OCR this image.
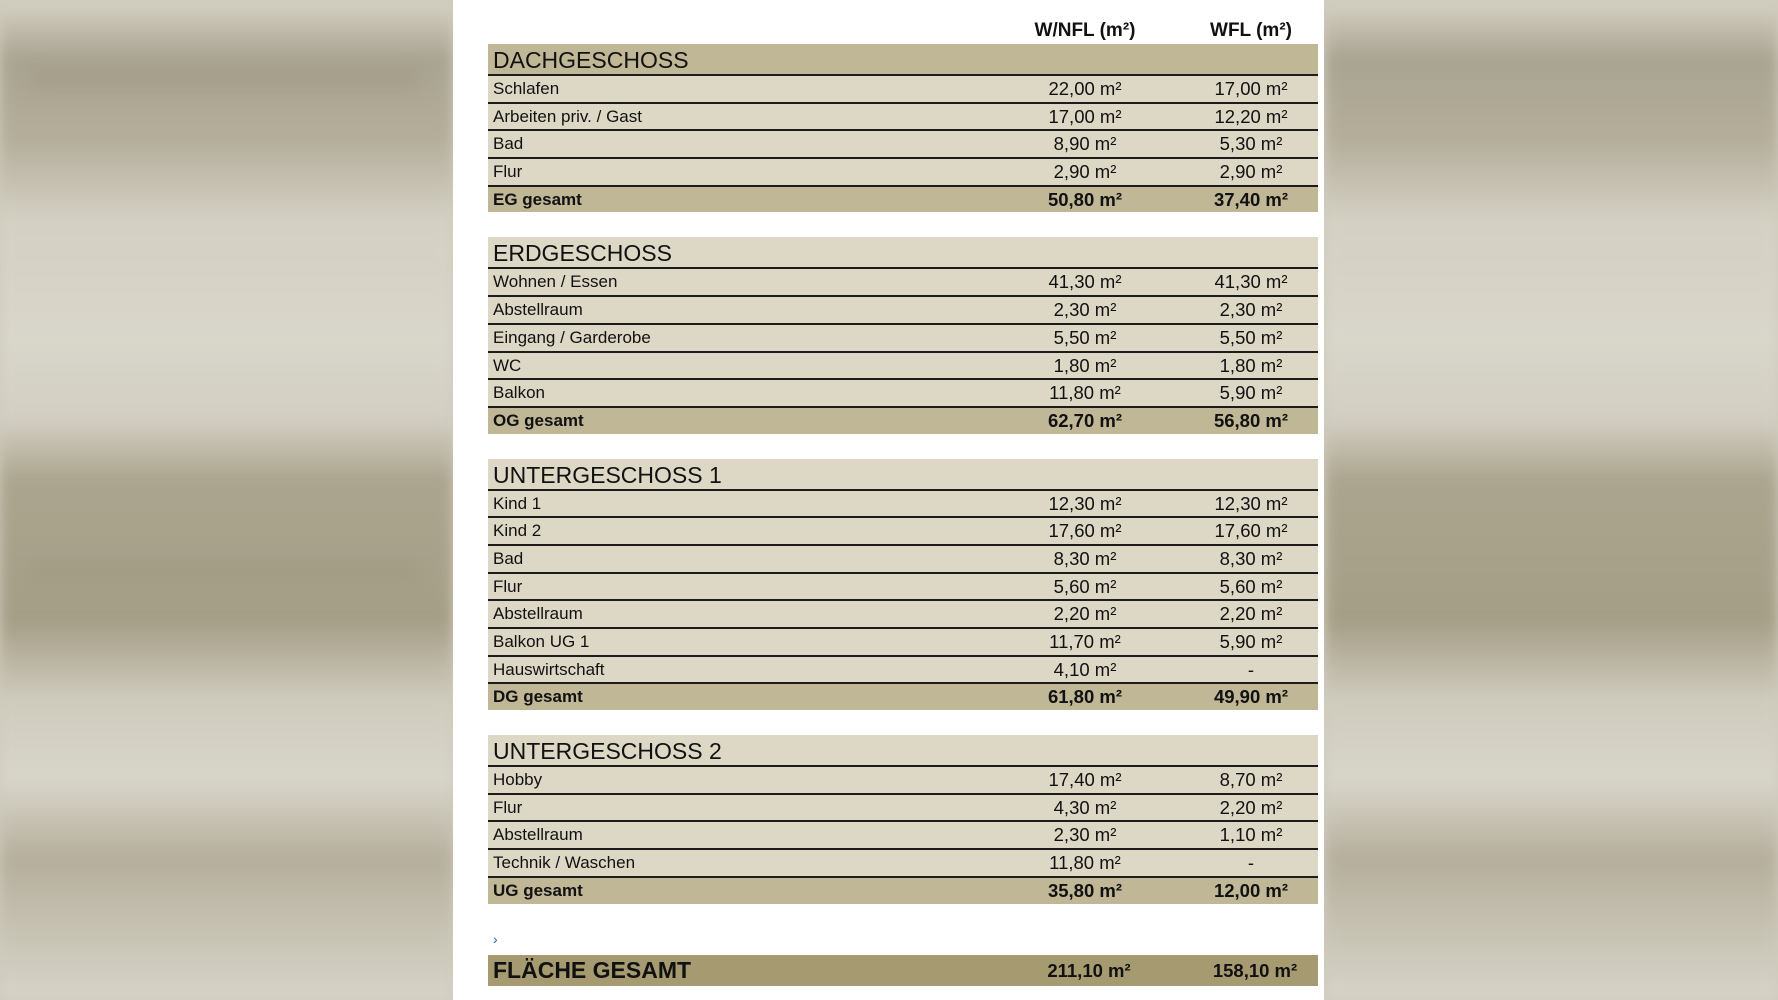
W/NFL (m²)	WFL (m²)
DACHGESCHOSS
Schlafen	22,00 m²	17,00 m²
Arbeiten priv. / Gast	17,00 m²	12,20 m²
Bad	8,90 m²	5,30 m²
Flur	2,90 m²	2,90 m²
EG gesamt	50,80 m²	37,40 m²
ERDGESCHOSS
Wohnen / Essen	41,30 m²	41,30 m²
Abstellraum	2,30 m²	2,30 m²
Eingang / Garderobe	5,50 m²	5,50 m²
WC	1,80 m²	1,80 m²
Balkon	11,80 m²	5,90 m²
OG gesamt	62,70 m²	56,80 m²
UNTERGESCHOSS 1
Kind 1	12,30 m²	12,30 m²
Kind 2	17,60 m²	17,60 m²
Bad	8,30 m²	8,30 m²
Flur	5,60 m²	5,60 m²
Abstellraum	2,20 m²	2,20 m²
Balkon UG 1	11,70 m²	5,90 m²
Hauswirtschaft	4,10 m²	-
DG gesamt	61,80 m²	49,90 m²
UNTERGESCHOSS 2
Hobby	17,40 m²	8,70 m²
Flur	4,30 m²	2,20 m²
Abstellraum	2,30 m²	1,10 m²
Technik / Waschen	11,80 m²	-
UG gesamt	35,80 m²	12,00 m²
›
FLÄCHE GESAMT	211,10 m²	158,10 m²
